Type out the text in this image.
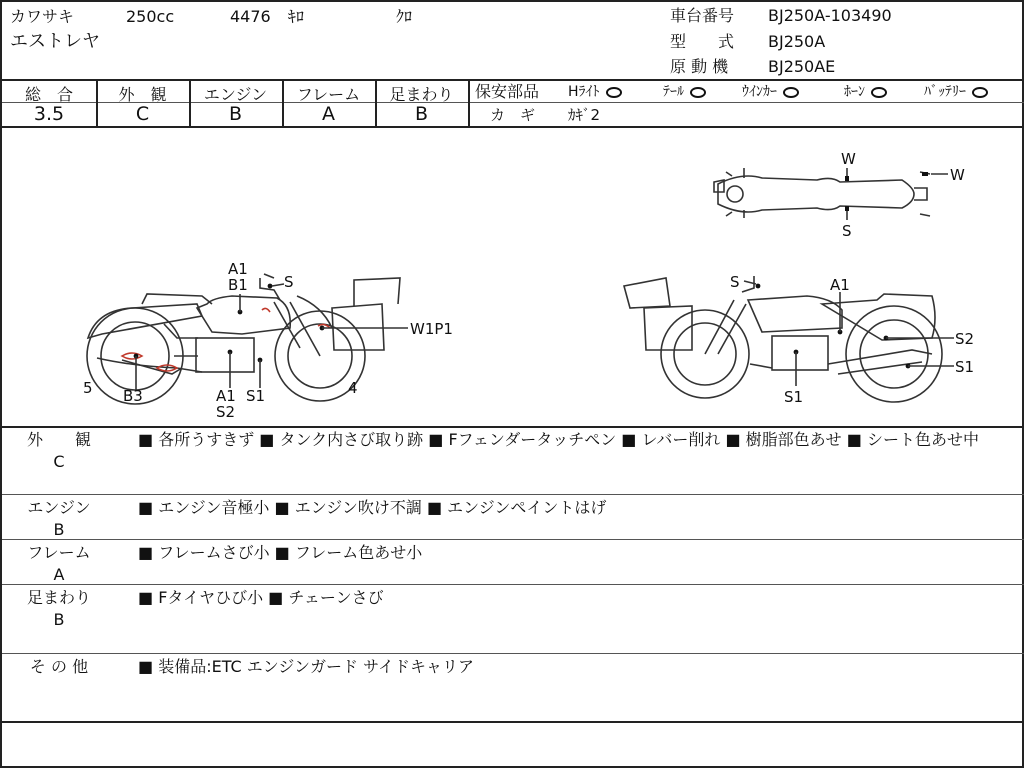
カワサキ	250cc	4476 ｷﾛ	ｸﾛ
エストレヤ
車台番号 BJ250A-103490
型　　式 BJ250A
原 動 機 BJ250AE
総　合
3.5
外　観
C
エンジン
B
フレーム
A
足まわり
B
保安部品 Hﾗｲﾄ	ﾃｰﾙ	ｳｲﾝｶｰ	ﾎｰﾝ	ﾊﾞｯﾃﾘｰ
カ　ギ ｶｷﾞ2
A1
B1 S
W1P1
5 B3	A1
S2
S1	4
S	A1
S2
S1
S1
W
W
S
外　　観
C
■ 各所うすきず ■ タンク内さび取り跡 ■ Fフェンダータッチペン ■ レバー削れ ■ 樹脂部色あせ ■ シート色あせ中
エンジン
B
■ エンジン音極小 ■ エンジン吹け不調 ■ エンジンペイントはげ
フレーム
A
■ フレームさび小 ■ フレーム色あせ小
足まわり
B
■ Fタイヤひび小 ■ チェーンさび
そ の 他	■ 装備品:ETC エンジンガード サイドキャリア
